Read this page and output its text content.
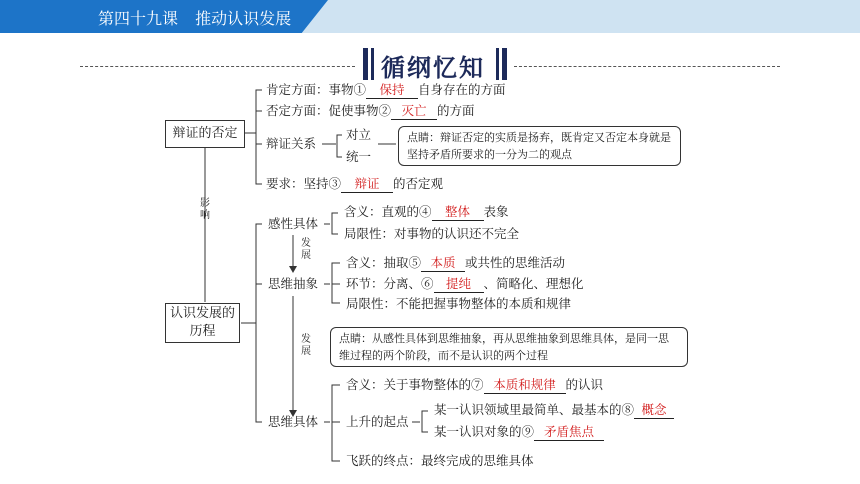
第四十九课 推动认识发展
循纲忆知
辩证的否定
影响
认识发展的历程
肯定方面：事物① 保持 自身存在的方面
否定方面：促使事物② 灭亡 的方面
辩证关系
对立
统一
点睛：辩证否定的实质是扬弃，既肯定又否定本身就是坚持矛盾所要求的一分为二的观点
要求：坚持③ 辩证 的否定观
感性具体
含义：直观的④ 整体 表象
局限性：对事物的认识还不完全
发展
发展
思维抽象
含义：抽取⑤ 本质 或共性的思维活动
环节：分离、⑥ 提纯 、简略化、理想化
局限性：不能把握事物整体的本质和规律
点睛：从感性具体到思维抽象，再从思维抽象到思维具体，是同一思维过程的两个阶段，而不是认识的两个过程
思维具体
含义：关于事物整体的⑦ 本质和规律 的认识
上升的起点
某一认识领域里最简单、最基本的⑧ 概念
某一认识对象的⑨ 矛盾焦点
飞跃的终点：最终完成的思维具体
